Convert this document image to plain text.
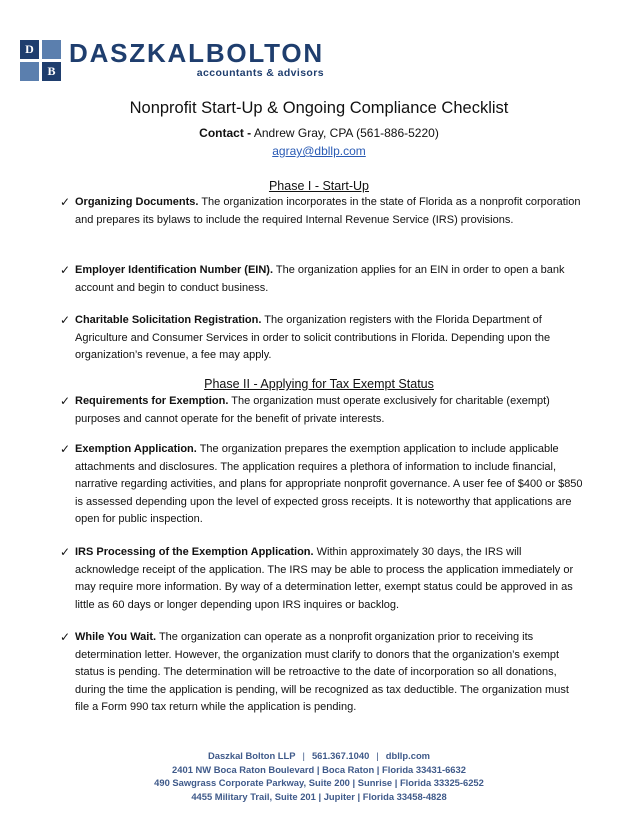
D
B
DASZKALBOLTON
accountants & advisors
Nonprofit Start-Up & Ongoing Compliance Checklist
Contact - Andrew Gray, CPA (561-886-5220)
agray@dbllp.com
Phase I - Start-Up
✓ Organizing Documents. The organization incorporates in the state of Florida as a nonprofit corporation and prepares its bylaws to include the required Internal Revenue Service (IRS) provisions.
✓ Employer Identification Number (EIN). The organization applies for an EIN in order to open a bank account and begin to conduct business.
✓ Charitable Solicitation Registration. The organization registers with the Florida Department of Agriculture and Consumer Services in order to solicit contributions in Florida. Depending upon the organization’s revenue, a fee may apply.
Phase II - Applying for Tax Exempt Status
✓ Requirements for Exemption. The organization must operate exclusively for charitable (exempt) purposes and cannot operate for the benefit of private interests.
✓ Exemption Application. The organization prepares the exemption application to include applicable attachments and disclosures. The application requires a plethora of information to include financial, narrative regarding activities, and plans for appropriate nonprofit governance. A user fee of $400 or $850 is assessed depending upon the level of expected gross receipts. It is noteworthy that applications are open for public inspection.
✓ IRS Processing of the Exemption Application. Within approximately 30 days, the IRS will acknowledge receipt of the application. The IRS may be able to process the application immediately or may require more information. By way of a determination letter, exempt status could be approved in as little as 60 days or longer depending upon IRS inquires or backlog.
✓ While You Wait. The organization can operate as a nonprofit organization prior to receiving its determination letter. However, the organization must clarify to donors that the organization’s exempt status is pending. The determination will be retroactive to the date of incorporation so all donations, during the time the application is pending, will be recognized as tax deductible. The organization must file a Form 990 tax return while the application is pending.
Daszkal Bolton LLP | 561.367.1040 | dbllp.com
2401 NW Boca Raton Boulevard | Boca Raton | Florida 33431-6632
490 Sawgrass Corporate Parkway, Suite 200 | Sunrise | Florida 33325-6252
4455 Military Trail, Suite 201 | Jupiter | Florida 33458-4828
